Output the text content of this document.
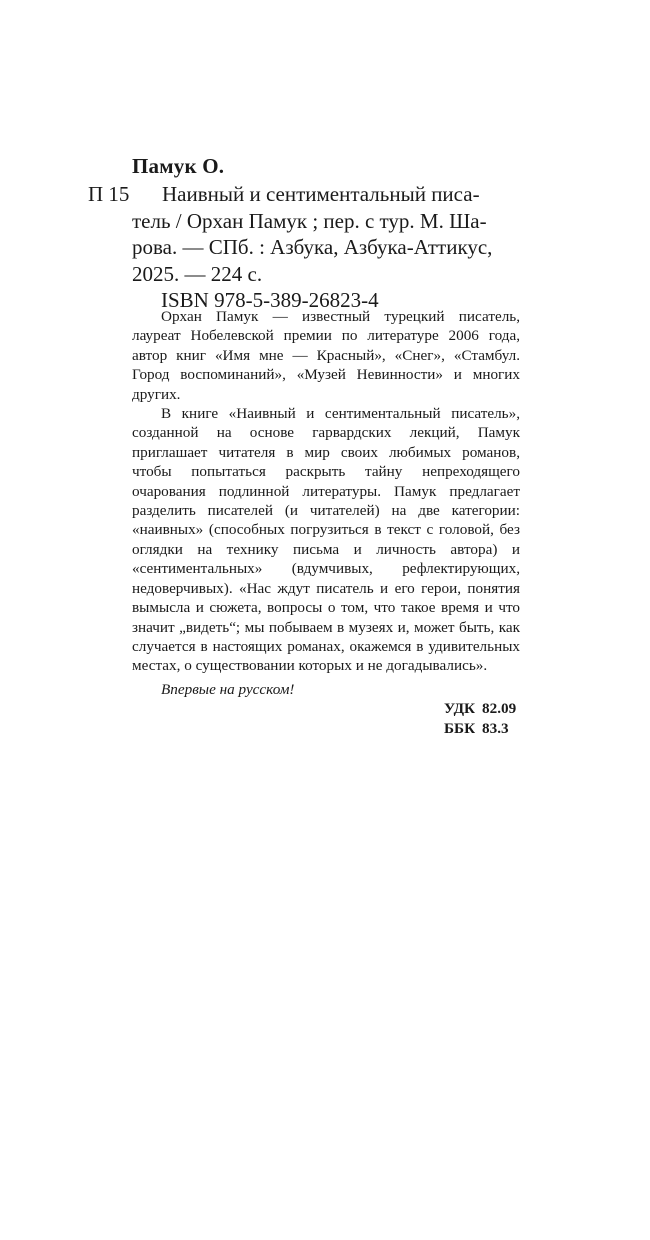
Памук О.
П 15	Наивный и сентиментальный писа-
тель / Орхан Памук ; пер. с тур. М. Ша-
рова. — СПб. : Азбука, Азбука-Аттикус,
2025. — 224 с.
ISBN 978-5-389-26823-4

Орхан Памук — известный турецкий писатель, лауреат Нобелевской премии по литературе 2006 года, автор книг «Имя мне — Красный», «Снег», «Стамбул. Город воспоминаний», «Музей Невинности» и многих других.

В книге «Наивный и сентиментальный писатель», созданной на основе гарвардских лекций, Памук приглашает читателя в мир своих любимых романов, чтобы попытаться раскрыть тайну непреходящего очарования подлинной литературы. Памук предлагает разделить писателей (и читателей) на две категории: «наивных» (способных погрузиться в текст с головой, без оглядки на технику письма и личность автора) и «сентиментальных» (вдумчивых, рефлектирующих, недоверчивых). «Нас ждут писатель и его герои, понятия вымысла и сюжета, вопросы о том, что такое время и что значит „видеть“; мы побываем в музеях и, может быть, как случается в настоящих романах, окажемся в удивительных местах, о существовании которых и не догадывались».

Впервые на русском!
УДК 82.09
ББК 83.3
